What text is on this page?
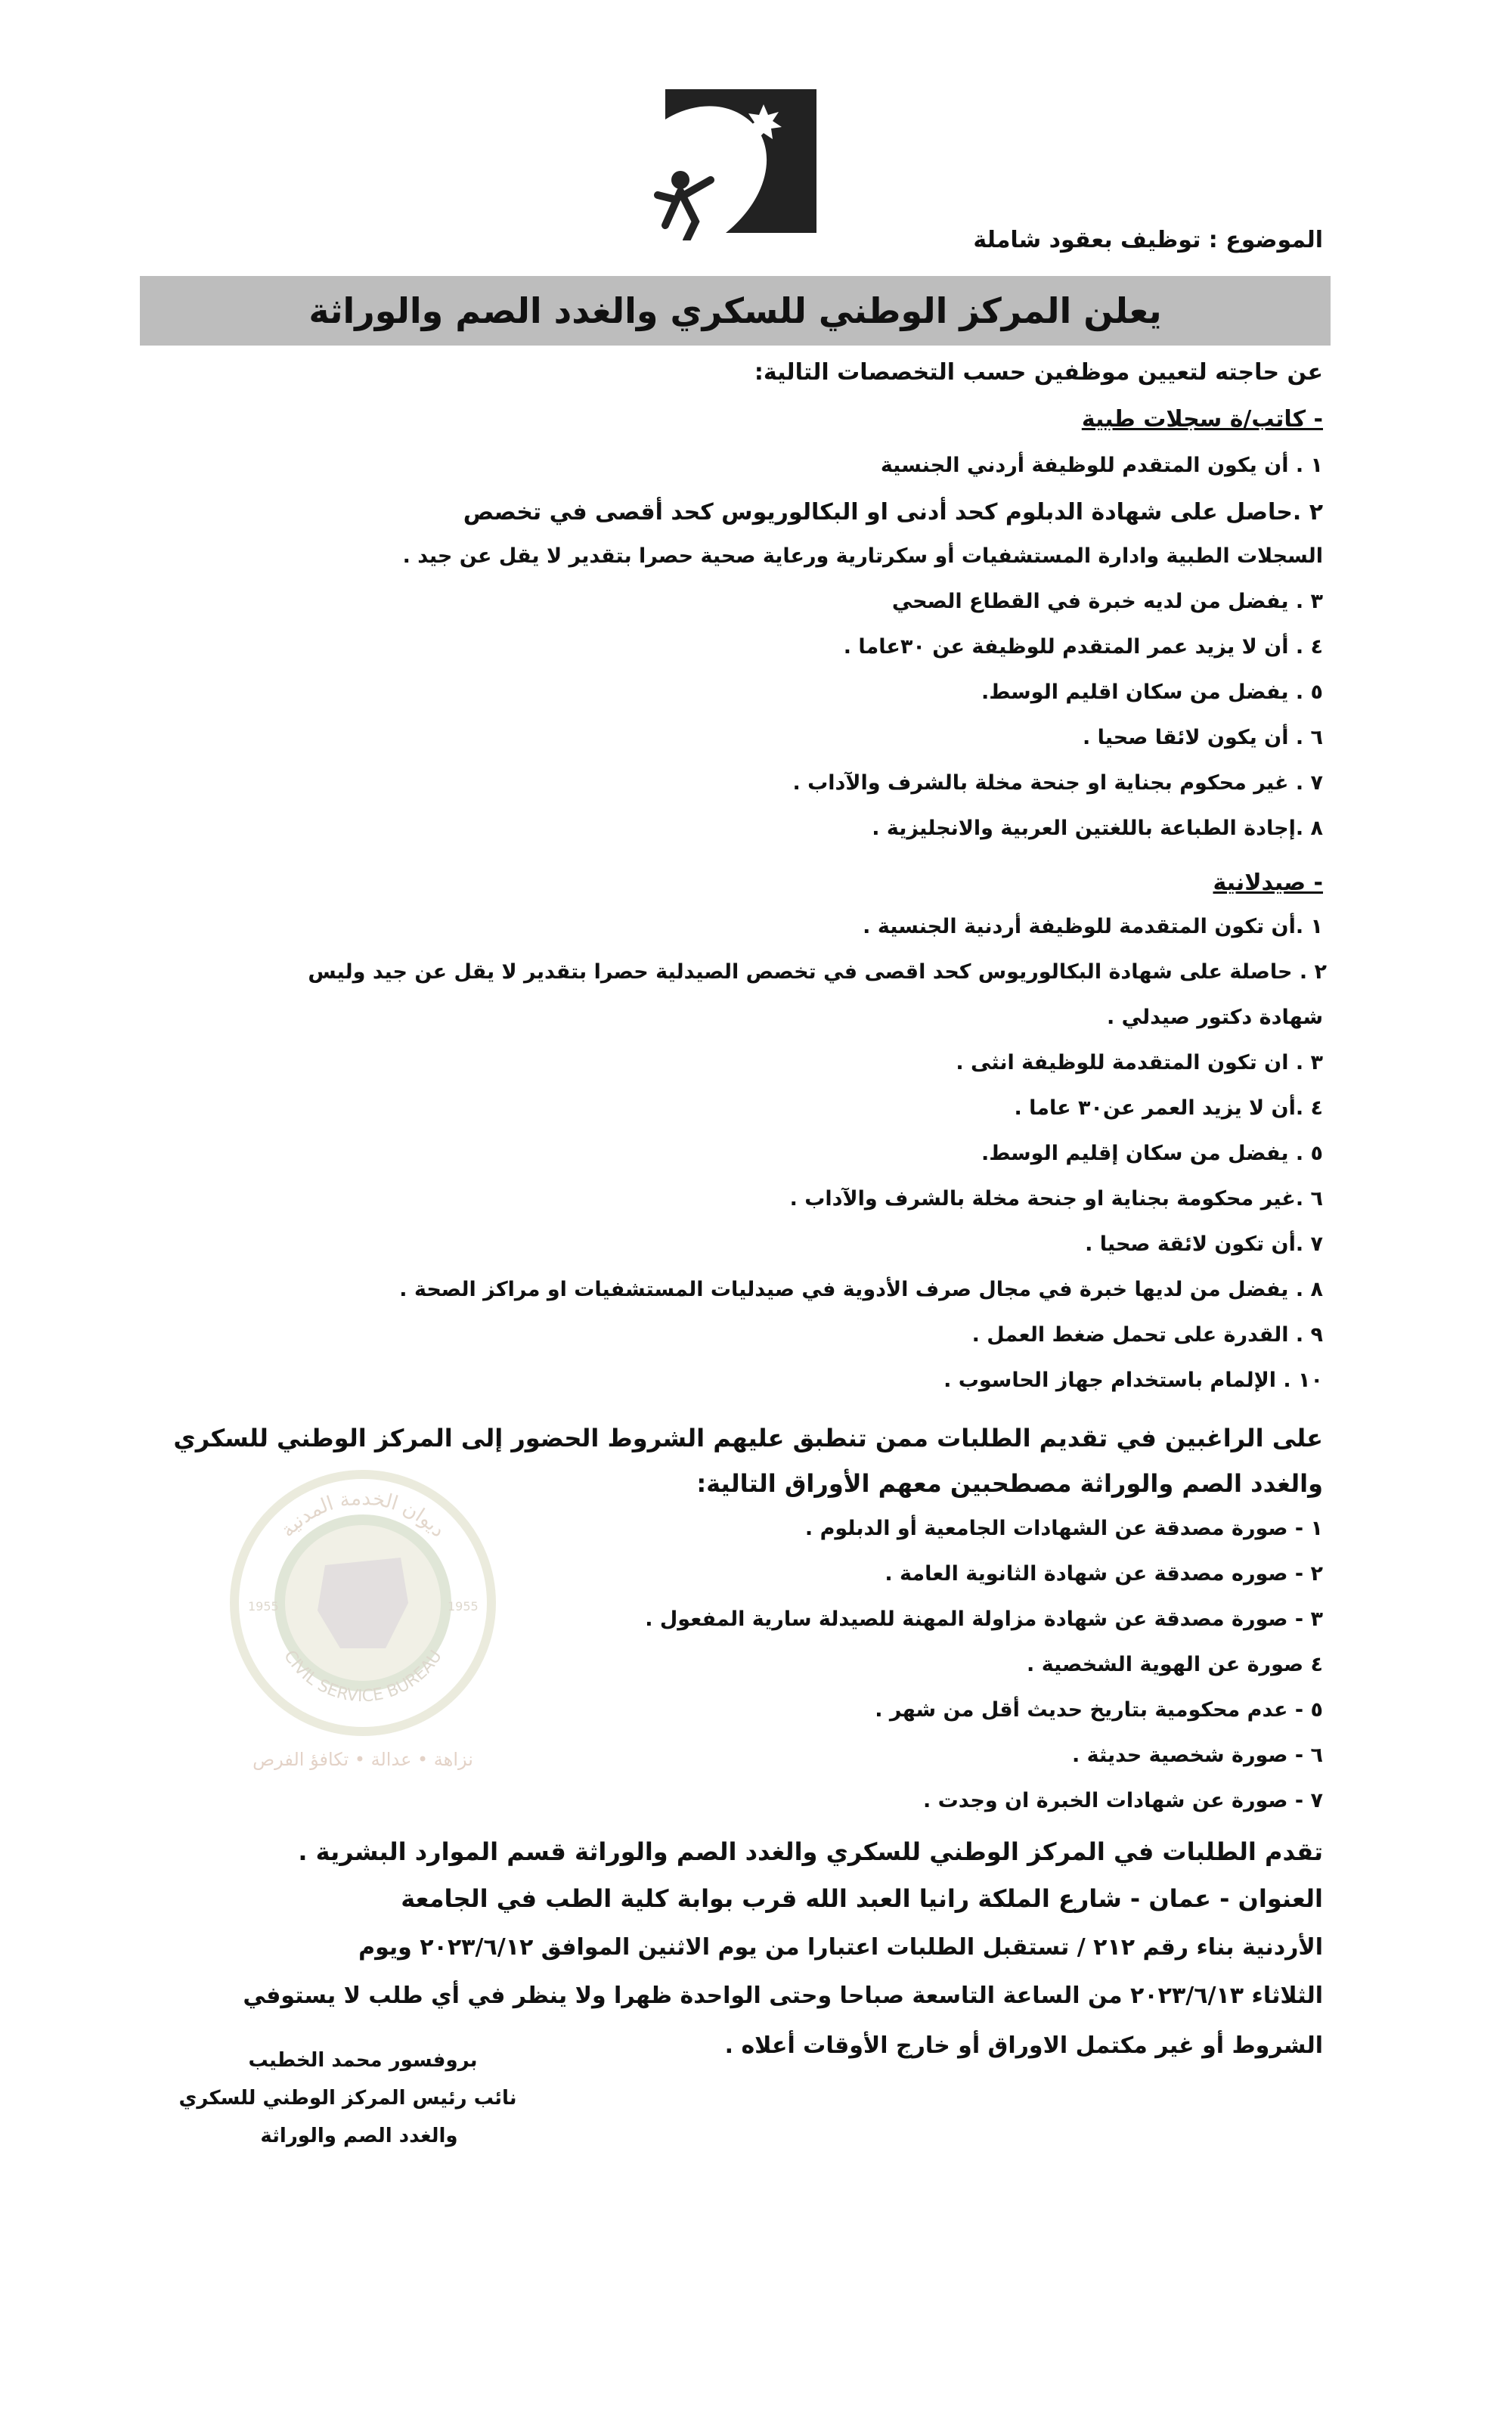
الموضوع : توظيف بعقود شاملة
يعلن المركز الوطني للسكري والغدد الصم والوراثة
عن حاجته لتعيين موظفين حسب التخصصات التالية:
- كاتب/ة سجلات طبية
١ . أن يكون المتقدم للوظيفة أردني الجنسية
٢ .حاصل على شهادة الدبلوم كحد أدنى او البكالوريوس كحد أقصى في تخصص
السجلات الطبية وادارة المستشفيات أو سكرتارية ورعاية صحية حصرا بتقدير لا يقل عن جيد .
٣ . يفضل من لديه خبرة في القطاع الصحي
٤ . أن لا يزيد عمر المتقدم للوظيفة عن ٣٠عاما .
٥ . يفضل من سكان اقليم الوسط.
٦ . أن يكون لائقا صحيا .
٧ . غير محكوم بجناية او جنحة مخلة بالشرف والآداب .
٨ .إجادة الطباعة باللغتين العربية والانجليزية .
- صيدلانية
١ .أن تكون المتقدمة للوظيفة أردنية الجنسية .
٢ . حاصلة على شهادة البكالوريوس كحد اقصى في تخصص الصيدلية حصرا بتقدير لا يقل عن جيد وليس
شهادة دكتور صيدلي .
٣ . ان تكون المتقدمة للوظيفة انثى .
٤ .أن لا يزيد العمر عن٣٠ عاما .
٥ . يفضل من سكان إقليم الوسط.
٦ .غير محكومة بجناية او جنحة مخلة بالشرف والآداب .
٧ .أن تكون لائقة صحيا .
٨ . يفضل من لديها خبرة في مجال صرف الأدوية في صيدليات المستشفيات او مراكز الصحة .
٩ . القدرة على تحمل ضغط العمل .
١٠ . الإلمام باستخدام جهاز الحاسوب .
ديوان الخدمة المدنية
CIVIL SERVICE BUREAU
1955	1955
نزاهة • عدالة • تكافؤ الفرص
على الراغبين في تقديم الطلبات ممن تنطبق عليهم الشروط الحضور إلى المركز الوطني للسكري
والغدد الصم والوراثة مصطحبين معهم الأوراق التالية:
١ - صورة مصدقة عن الشهادات الجامعية أو الدبلوم .
٢ - صوره مصدقة عن شهادة الثانوية العامة .
٣ - صورة مصدقة عن شهادة مزاولة المهنة للصيدلة سارية المفعول .
٤ صورة عن الهوية الشخصية .
٥ - عدم محكومية بتاريخ حديث أقل من شهر .
٦ - صورة شخصية حديثة .
٧ - صورة عن شهادات الخبرة ان وجدت .
تقدم الطلبات في المركز الوطني للسكري والغدد الصم والوراثة قسم الموارد البشرية .
العنوان - عمان - شارع الملكة رانيا العبد الله قرب بوابة كلية الطب في الجامعة
الأردنية بناء رقم ٢١٢ / تستقبل الطلبات اعتبارا من يوم الاثنين الموافق ٢٠٢٣/٦/١٢ ويوم
الثلاثاء ٢٠٢٣/٦/١٣ من الساعة التاسعة صباحا وحتى الواحدة ظهرا ولا ينظر في أي طلب لا يستوفي
الشروط أو غير مكتمل الاوراق أو خارج الأوقات أعلاه .
بروفسور محمد الخطيب
نائب رئيس المركز الوطني للسكري
والغدد الصم والوراثة
